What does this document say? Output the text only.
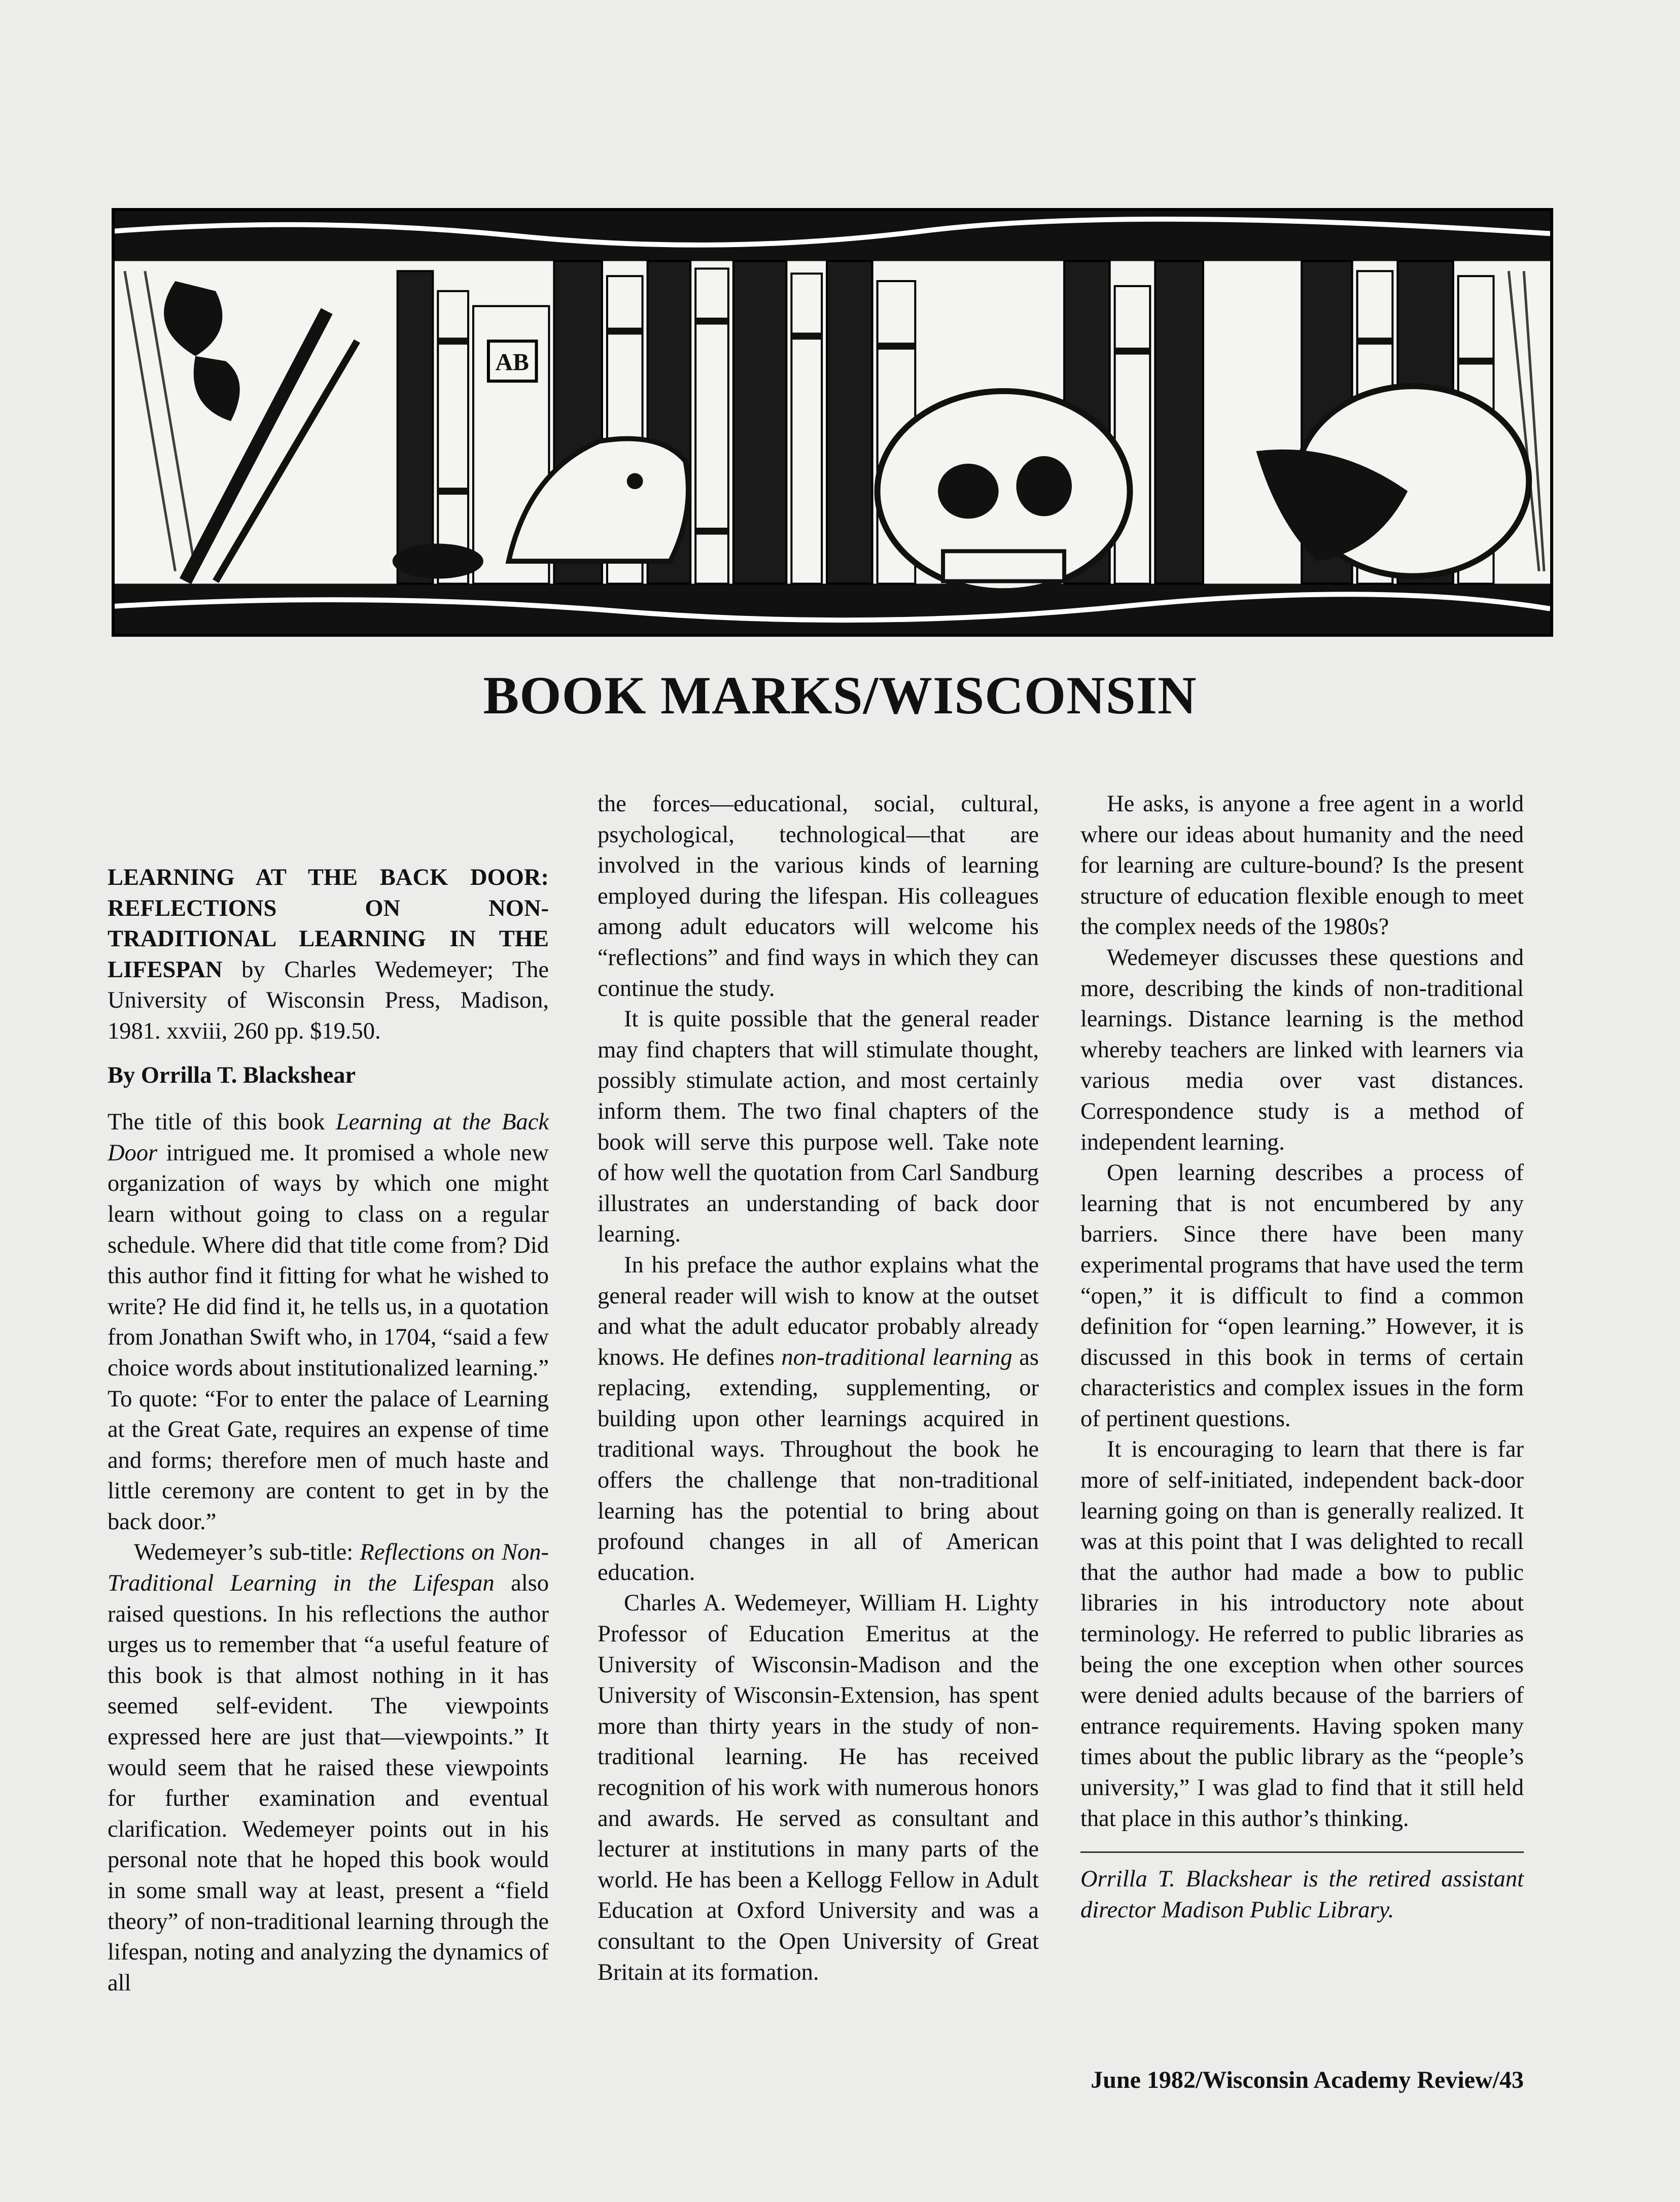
AB
BOOK MARKS/WISCONSIN

LEARNING AT THE BACK DOOR: REFLECTIONS ON NON-TRADITIONAL LEARNING IN THE LIFESPAN by Charles Wedemeyer; The University of Wisconsin Press, Madison, 1981. xxviii, 260 pp. $19.50.

By Orrilla T. Blackshear

The title of this book Learning at the Back Door intrigued me. It promised a whole new organization of ways by which one might learn without going to class on a regular schedule. Where did that title come from? Did this author find it fitting for what he wished to write? He did find it, he tells us, in a quotation from Jonathan Swift who, in 1704, “said a few choice words about institutionalized learning.” To quote: “For to enter the palace of Learning at the Great Gate, requires an expense of time and forms; therefore men of much haste and little ceremony are content to get in by the back door.”

Wedemeyer’s sub-title: Reflections on Non-Traditional Learning in the Lifespan also raised questions. In his reflections the author urges us to remember that “a useful feature of this book is that almost nothing in it has seemed self-evident. The viewpoints expressed here are just that—viewpoints.” It would seem that he raised these viewpoints for further examination and eventual clarification. Wedemeyer points out in his personal note that he hoped this book would in some small way at least, present a “field theory” of non-traditional learning through the lifespan, noting and analyzing the dynamics of all

the forces—educational, social, cultural, psychological, technological—that are involved in the various kinds of learning employed during the lifespan. His colleagues among adult educators will welcome his “reflections” and find ways in which they can continue the study.

It is quite possible that the general reader may find chapters that will stimulate thought, possibly stimulate action, and most certainly inform them. The two final chapters of the book will serve this purpose well. Take note of how well the quotation from Carl Sandburg illustrates an understanding of back door learning.

In his preface the author explains what the general reader will wish to know at the outset and what the adult educator probably already knows. He defines non-traditional learning as replacing, extending, supplementing, or building upon other learnings acquired in traditional ways. Throughout the book he offers the challenge that non-traditional learning has the potential to bring about profound changes in all of American education.

Charles A. Wedemeyer, William H. Lighty Professor of Education Emeritus at the University of Wisconsin-Madison and the University of Wisconsin-Extension, has spent more than thirty years in the study of non-traditional learning. He has received recognition of his work with numerous honors and awards. He served as consultant and lecturer at institutions in many parts of the world. He has been a Kellogg Fellow in Adult Education at Oxford University and was a consultant to the Open University of Great Britain at its formation.

He asks, is anyone a free agent in a world where our ideas about humanity and the need for learning are culture-bound? Is the present structure of education flexible enough to meet the complex needs of the 1980s?

Wedemeyer discusses these questions and more, describing the kinds of non-traditional learnings. Distance learning is the method whereby teachers are linked with learners via various media over vast distances. Correspondence study is a method of independent learning.

Open learning describes a process of learning that is not encumbered by any barriers. Since there have been many experimental programs that have used the term “open,” it is difficult to find a common definition for “open learning.” However, it is discussed in this book in terms of certain characteristics and complex issues in the form of pertinent questions.

It is encouraging to learn that there is far more of self-initiated, independent back-door learning going on than is generally realized. It was at this point that I was delighted to recall that the author had made a bow to public libraries in his introductory note about terminology. He referred to public libraries as being the one exception when other sources were denied adults because of the barriers of entrance requirements. Having spoken many times about the public library as the “people’s university,” I was glad to find that it still held that place in this author’s thinking.

Orrilla T. Blackshear is the retired assistant director Madison Public Library.

June 1982/Wisconsin Academy Review/43
